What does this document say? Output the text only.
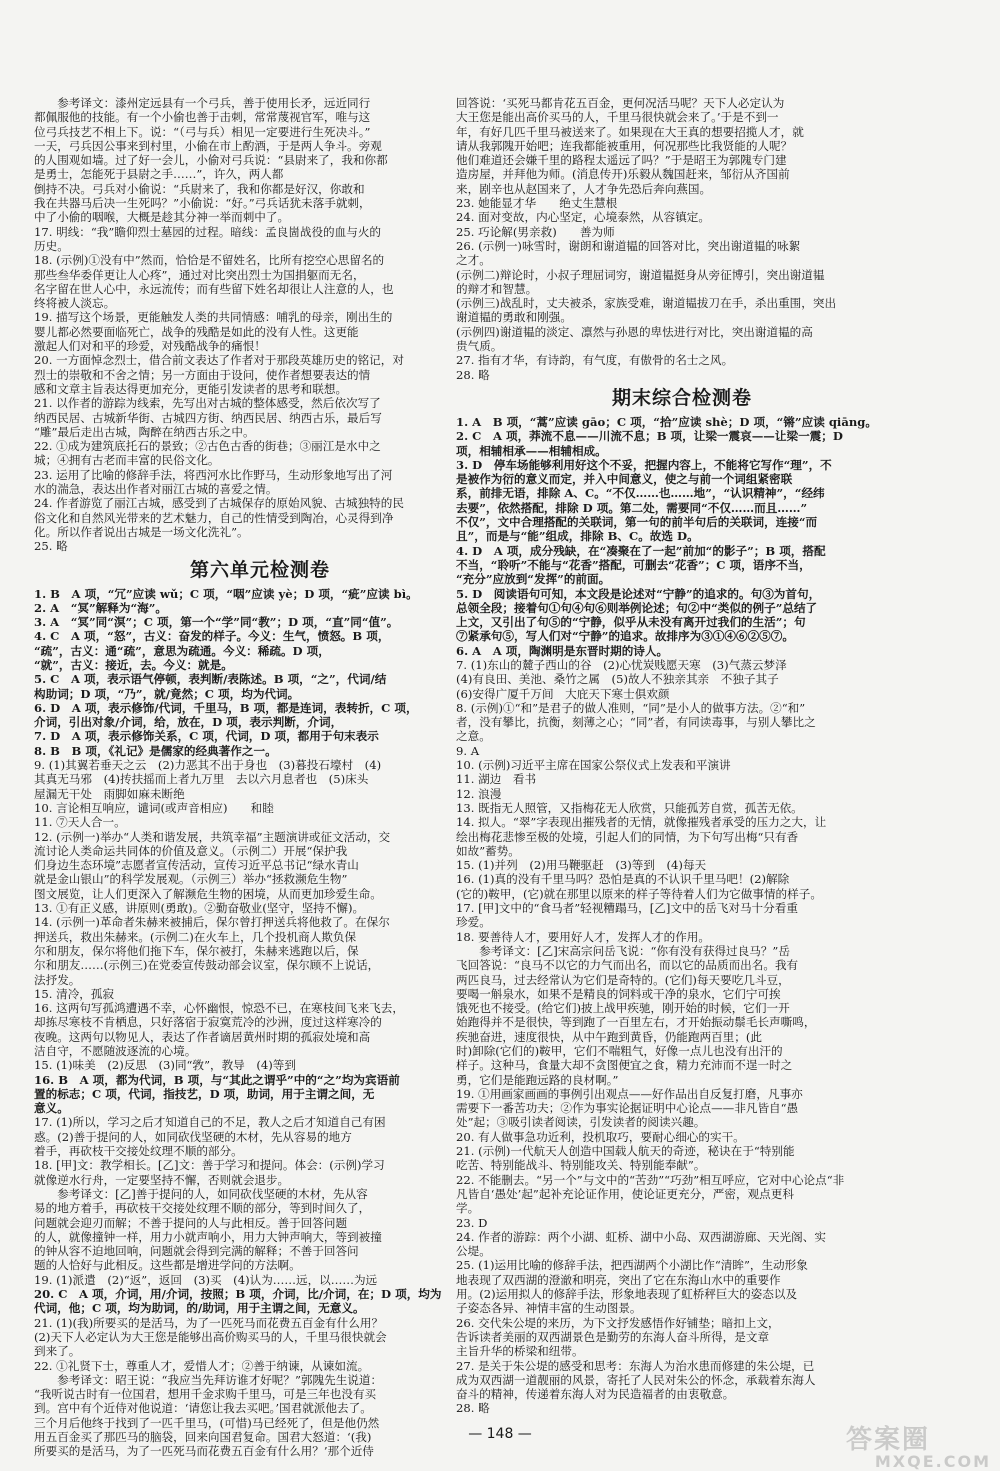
　　参考译文：漆州定远县有一个弓兵，善于使用长矛，远近同行
都佩服他的技能。有一个小偷也善于击刺，常常蔑视官军，唯与这
位弓兵技艺不相上下。说：“（弓与兵）相见一定要进行生死决斗。”
一天，弓兵因公事来到村里，小偷在市上酌酒，于是两人争斗。旁观
的人围观如墙。过了好一会儿，小偷对弓兵说：“县尉来了，我和你都
是勇士，怎能死于县尉之手……”，许久，两人都
倒持不决。弓兵对小偷说：“兵尉来了，我和你都是好汉，你敢和
我在共器马后决一生死吗？”小偷说：“好。”弓兵话犹未落手就刺，
中了小偷的咽喉，大概是趁其分神一举而刺中了。
17. 明线：“我”瞻仰烈士墓园的过程。暗线：孟良崮战役的血与火的
历史。
18. (示例)①没有中”然而，恰恰是不留姓名，比所有挖空心思留名的
那些叁华委佯更让人心疼”，通过对比突出烈士为国捐躯而无名，
名字留在世人心中，永远流传；而有些留下姓名却很让人注意的人，也
终将被人淡忘。
19. 描写这个场景，更能触发人类的共同情感：哺乳的母亲，刚出生的
婴儿都必然要面临死亡，战争的残酷是如此的没有人性。这更能
激起人们对和平的珍爱，对残酷战争的痛恨！
20. 一方面悼念烈士，借合前文表达了作者对于那段英雄历史的铭记，对
烈士的崇敬和不舍之情；另一方面由于设问，使作者想要表达的情
感和文章主旨表达得更加充分，更能引发读者的思考和联想。
21. 以作者的游踪为线索，先写出对古城的整体感受，然后依次写了
纳西民居、古城新华街、古城四方街、纳西民居、纳西古乐，最后写
“雕”最后走出古城，陶醉在纳西古乐之中。
22. ①成为建筑底托石的景致；②古色古香的街巷；③丽江是水中之
城；④拥有古老而丰富的民俗文化。
23. 运用了比喻的修辞手法，将西河水比作野马，生动形象地写出了河
水的湍急，表达出作者对丽江古城的喜爱之情。
24. 作者游览了丽江古城，感受到了古城保存的原始风貌、古城独特的民
俗文化和自然风光带来的艺术魅力，自己的性情受到陶冶，心灵得到净
化。所以作者说出古城是一场文化洗礼”。
25. 略
第六单元检测卷
1. B　A 项，“冗”应读 wǔ；C 项，“咽”应读 yè；D 项，“疵”应读 bì。
2. A　“冥”解释为“海”。
3. A　“冥”同“溟”；C 项，第一个“学”同“教”；D 项，“直”同“值”。
4. C　A 项，“怒”，古义：奋发的样子。今义：生气，愤怒。B 项，
“疏”，古义：通“疏”，意思为疏通。今义：稀疏。D 项，
“就”，古义：接近，去。今义：就是。
5. C　A 项，表示语气停顿，表判断/表陈述。B 项，“之”，代词/结
构助词；D 项，“乃”，就/竟然；C 项，均为代词。
6. D　A 项，表示修饰/代词，千里马，B 项，都是连词，表转折，C 项，
介词，引出对象/介词，给，放在，D 项，表示判断，介词，
7. D　A 项，表示修饰关系，C 项，代词，D 项，都用于句末表示
8. B　B 项，《礼记》是儒家的经典著作之一。
9. (1)其翼若垂天之云　(2)力恶其不出于身也　(3)暮投石壕村　(4)
其真无马邪　(4)抟扶摇而上者九万里　去以六月息者也　(5)床头
屋漏无干处　雨脚如麻未断绝
10. 言论相互响应，谴词(或声音相应)　　和睦
11. ⑦天人合一。
12. (示例一)举办“人类和谐发展，共筑幸福”主题演讲或征文活动，交
流讨论人类命运共同体的价值及意义。（示例二）开展“保护我
们身边生态环境”志愿者宣传活动，宣传习近平总书记“绿水青山
就是金山银山”的科学发展观。（示例三）举办“拯救濒危生物”
图文展览，让人们更深入了解濒危生物的困境，从而更加珍爱生命。
13. ①有正义感，讲原则(勇敢)。②勤奋敬业(坚守，坚持不懈)。
14. (示例一)革命者朱赫来被捕后，保尔曾打押送兵将他救了。在保尔
押送兵，救出朱赫来。(示例二)在火车上，几个投机商人欺负保
尔和朋友，保尔将他们拖下车，保尔被打，朱赫来逃跑以后，保
尔和朋友……(示例三)在党委宣传鼓动部会议室，保尔顾不上说话，
法抒发。
15. 清冷，孤寂
16. 这两句写孤鸿遭遇不幸，心怀幽恨，惊恐不已，在寒枝间飞来飞去，
却拣尽寒枝不肯栖息，只好落宿于寂寞荒冷的沙洲，度过这样寒冷的
夜晚。这两句以物见人，表达了作者谪居黄州时期的孤寂处境和高
洁自守，不愿随波逐流的心境。
15. (1)味美　(2)反思　(3)同“敩”，教导　(4)等到
16. B　A 项，都为代词，B 项，与“其此之谓乎”中的“之”均为宾语前
置的标志；C 项，代词，指技艺，D 项，助词，用于主谓之间，无
意义。
17. (1)所以，学习之后才知道自己的不足，教人之后才知道自己有困
惑。(2)善于提问的人，如同砍伐坚硬的木材，先从容易的地方
着手，再砍枝干交接处纹理不顺的部分。
18. [甲]文：教学相长。[乙]文：善于学习和提问。体会：(示例)学习
就像逆水行舟，一定要坚持不懈，否则就会退步。
　　参考译文：[乙]善于提问的人，如同砍伐坚硬的木材，先从容
易的地方着手，再砍枝干交接处纹理不顺的部分，等到时间久了，
问题就会迎刃而解；不善于提问的人与此相反。善于回答问题
的人，就像撞钟一样，用力小就声响小，用力大钟声响大，等到被撞
的钟从容不迫地回响，问题就会得到完满的解释；不善于回答问
题的人恰好与此相反。这些都是增进学问的方法啊。
19. (1)派遣　(2)“返”，返回　(3)买　(4)认为……远，以……为远
20. C　A 项，介词，用/介词，按照；B 项，介词，比/介词，在；D 项，均为
代词，他；C 项，均为助词，的/助词，用于主谓之间，无意义。
21. (1)(我)所要买的是活马，为了一匹死马而花费五百金有什么用？
(2)天下人必定认为大王您是能够出高价购买马的人，千里马很快就会
到来了。
22. ①礼贤下士，尊重人才，爱惜人才；②善于纳谏，从谏如流。
　　参考译文：昭王说：“我应当先拜访谁才好呢？”郭隗先生说道：
“我听说古时有一位国君，想用千金求购千里马，可是三年也没有买
到。宫中有个近侍对他说道：‘请您让我去买吧。’国君就派他去了。
三个月后他终于找到了一匹千里马，(可惜)马已经死了，但是他仍然
用五百金买了那匹马的脑袋，回来向国君复命。国君大怒道：‘(我)
所要买的是活马，为了一匹死马而花费五百金有什么用？’那个近侍
回答说：‘买死马都肯花五百金，更何况活马呢？天下人必定认为
大王您是能出高价买马的人，千里马很快就会来了。’于是不到一
年，有好几匹千里马被送来了。如果现在大王真的想要招揽人才，就
请从我郭隗开始吧；连我都能被重用，何况那些比我贤能的人呢？
他们难道还会嫌千里的路程太遥远了吗？”于是昭王为郭隗专门建
造房屋，并拜他为师。(消息传开)乐毅从魏国赶来，邹衍从齐国前
来，剧辛也从赵国来了，人才争先恐后奔向燕国。
23. 她能显才华　　绝丈生慧根
24. 面对变故，内心坚定，心境泰然，从容镇定。
25. 巧论解(男亲救)　　善为师
26. (示例一)咏雪时，谢朗和谢道韫的回答对比，突出谢道韫的咏絮
之才。
(示例二)辩论时，小叔子理屈词穷，谢道韫挺身从旁征博引，突出谢道韫
的辩才和智慧。
(示例三)战乱时，丈夫被杀，家族受难，谢道韫拔刀在手，杀出重围，突出
谢道韫的勇敢和刚强。
(示例四)谢道韫的淡定、凛然与孙恩的卑怯进行对比，突出谢道韫的高
贵气质。
27. 指有才华，有诗韵，有气度，有傲骨的名士之风。
28. 略
期末综合检测卷
1. A　B 项，“蒿”应读 gāo；C 项，“拾”应读 shè；D 项，“锵”应读 qiāng。
2. C　A 项，莽流不息——川流不息；B 项，让梁一震哀——让梁一震；D
项，相辅相承——相辅相成。
3. D　停车场能够利用好这个不妥，把握内容上，不能将它写作“理”，不
是被作为衍的意义而定，并入中间意义，使之与前一个词组紧密联
系，前排无语，排除 A、C。“不仅……也……地”，“认识精神”，“经纬
去要”，依然搭配，排除 D 项。第二处，需要同“不仅……而且……”
不仅”，文中合理搭配的关联词，第一句的前半句后的关联词，连接“而
且”，而是与“能”组成，排除 B、C。故选 D。
4. D　A 项，成分残缺，在“凑聚在了一起”前加“的影子”；B 项，搭配
不当，“聆听”不能与“花香”搭配，可删去“花香”；C 项，语序不当，
“充分”应放到“发挥”的前面。
5. D　阅读语句可知，本文段是论述对“宁静”的追求的。句③为首句，
总领全段；接着句①句④句⑥则举例论述；句②中“类似的例子”总结了
上文，又引出了句⑤的“宁静，似乎从未没有离开过我们的生活”；句
⑦紧承句⑤，写人们对“宁静”的追求。故排序为③①④⑥②⑤⑦。
6. A　A 项，陶渊明是东晋时期的诗人。
7. (1)东山的麓子西山的谷　(2)心忧炭贱愿天寒　(3)气蒸云梦泽
(4)有良田、美池、桑竹之属　(5)故人不独亲其亲　不独子其子
(6)安得广厦千万间　大庇天下寒士俱欢颜
8. (示例)①“和”是君子的做人准则，“同”是小人的做事方法。②“和”
者，没有攀比，抗衡，刻薄之心；“同”者，有同读毒事，与别人攀比之
之意。
9. A
10. (示例)习近平主席在国家公祭仪式上发表和平演讲
11. 湖边　看书
12. 浪漫
13. 既指无人照管，又指梅花无人欣赏，只能孤芳自赏，孤苦无依。
14. 拟人。“翠”字表现出摧残者的无情，就像摧残者承受的压力之大，让
绘出梅花悲惨至极的处境，引起人们的同情，为下句写出梅“只有香
如故”蓄势。
15. (1)并列　(2)用马鞭驱赶　(3)等到　(4)每天
16. (1)真的没有千里马吗？恐怕是真的不认识千里马吧！(2)解除
(它的)鞍甲，(它)就在那里以原来的样子等待着人们为它做事情的样子。
17. [甲]文中的“食马者”轻视糟蹋马，[乙]文中的岳飞对马十分看重
珍爱。
18. 要善待人才，要用好人才，发挥人才的作用。
　　参考译文：[乙]宋高宗问岳飞说：“你有没有获得过良马？”岳
飞回答说：“良马不以它的力气而出名，而以它的品质而出名。我有
两匹良马，过去经常认为它们是奇特的。(它们)每天要吃几斗豆，
要喝一斛泉水，如果不是精良的饲料或干净的泉水，它们宁可挨
饿死也不接受。(给它们)披上战甲疾驰，刚开始的时候，它们一开
始跑得并不是很快，等到跑了一百里左右，才开始振动鬃毛长声嘶鸣，
疾驰奋进，速度很快，从中午跑到黄昏，仍能跑两百里；(此
时)卸除(它们的)鞍甲，它们不喘粗气，好像一点儿也没有出汗的
样子。这种马，食量大却不贪图便宜之食，精力充沛而不逞一时之
勇，它们是能跑远路的良材啊。”
19. ①用画家画画的事例引出观点——好作品出自反复打磨，凡事亦
需要下一番苦功夫；②作为事实论据证明中心论点——非凡皆自“愚
处”起；③吸引读者阅读，引发读者的阅读兴趣。
20. 有人做事急功近利，投机取巧，要耐心细心的实干。
21. (示例)一代航天人创造中国载人航天的奇迹，秘诀在于“特别能
吃苦、特别能战斗、特别能攻关、特别能奉献”。
22. 不能删去。“另一个”与文中的“苦劲”“巧劲”相互呼应，它对中心论点“非
凡皆自‘愚处’起”起补充论证作用，使论证更充分，严密，观点更科
学。
23. D
24. 作者的游踪：两个小湖、虹桥、湖中小岛、双西湖游廊、天光阁、实
公堤。
25. (1)运用比喻的修辞手法，把西湖两个小湖比作“清眸”，生动形象
地表现了双西湖的澄澈和明亮，突出了它在东海山水中的重要作
用。(2)运用拟人的修辞手法，形象地表现了虹桥秤巨大的姿态以及
子姿态各异、神情丰富的生动图景。
26. 交代朱公堤的来历，为下文抒发感悟作好铺垫；暗扣上文，
告诉读者美丽的双西湖景色是勤劳的东海人奋斗所得，是文章
主旨升华的桥梁和纽带。
27. 是关于朱公堤的感受和思考：东海人为治水患而修建的朱公堤，已
成为双西湖一道靓丽的风景，寄托了人民对朱公的怀念，承载着东海人
奋斗的精神，传递着东海人对为民造福者的由衷敬意。
28. 略
— 148 —	答案圈
MXQE.COM
